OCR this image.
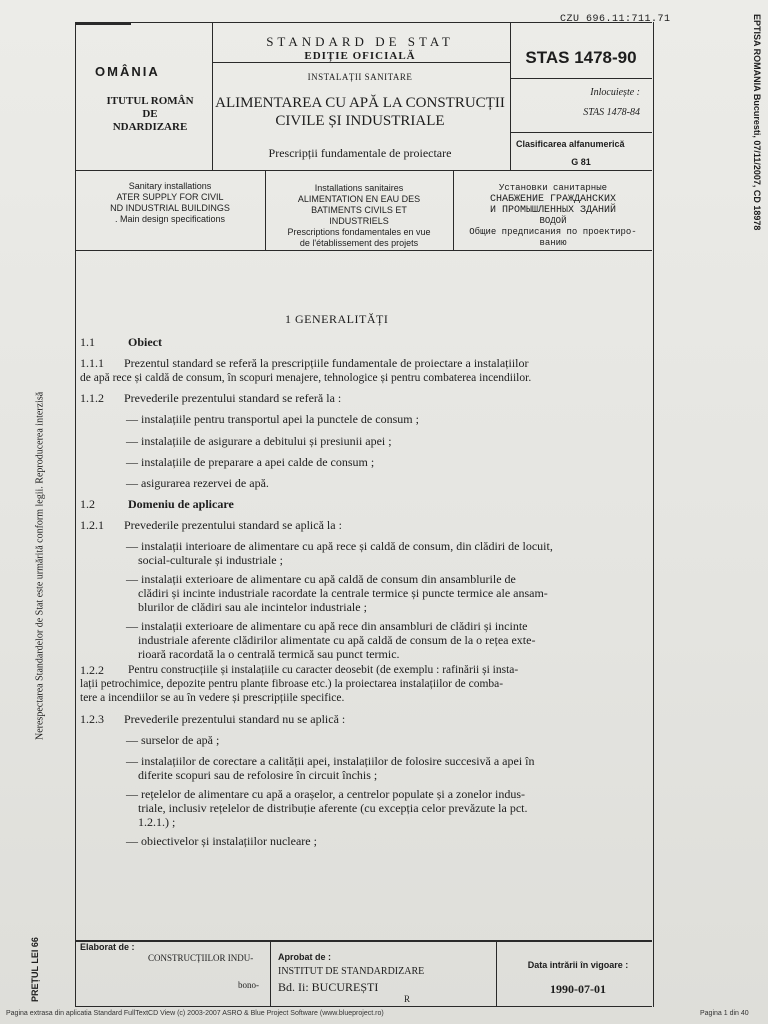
CZU 696.11:711.71
STANDARD DE STAT
EDIȚIE OFICIALĂ	STAS 1478-90
OMÂNIA
ITUTUL ROMÂN
DE
NDARDIZARE
INSTALAȚII SANITARE
ALIMENTAREA CU APĂ LA CONSTRUCȚII
CIVILE ȘI INDUSTRIALE
Prescripții fundamentale de proiectare
Inlocuiește :
STAS 1478-84
Clasificarea alfanumerică
G 81
Sanitary installations
ATER SUPPLY FOR CIVIL
ND INDUSTRIAL BUILDINGS
. Main design specifications
Installations sanitaires
ALIMENTATION EN EAU DES
BATIMENTS CIVILS ET
INDUSTRIELS
Prescriptions fondamentales en vue
de l'établissement des projets
Установки санитарные
СНАБЖЕНИЕ ГРАЖДАНСКИХ
И ПРОМЫШЛЕННЫХ ЗДАНИЙ
ВОДОЙ
Общие предписания по проектиро-
ванию
EPTISA ROMANIA Bucuresti, 07/11/2007, CD 18978
Nerespectarea Standardelor de Stat este urmărită conform legii. Reproducerea interzisă
PREȚUL LEI 66
1 GENERALITĂȚI
1.1	Obiect
1.1.1 Prezentul standard se referă la prescripțiile fundamentale de proiectare a instalațiilor
de apă rece și caldă de consum, în scopuri menajere, tehnologice și pentru combaterea incendiilor.
1.1.2 Prevederile prezentului standard se referă la :
— instalațiile pentru transportul apei la punctele de consum ;
— instalațiile de asigurare a debitului și presiunii apei ;
— instalațiile de preparare a apei calde de consum ;
— asigurarea rezervei de apă.
1.2	Domeniu de aplicare
1.2.1 Prevederile prezentului standard se aplică la :
— instalații interioare de alimentare cu apă rece și caldă de consum, din clădiri de locuit,
social-culturale și industriale ;
— instalații exterioare de alimentare cu apă caldă de consum din ansamblurile de
clădiri și incinte industriale racordate la centrale termice și puncte termice ale ansam-
blurilor de clădiri sau ale incintelor industriale ;
— instalații exterioare de alimentare cu apă rece din ansambluri de clădiri și incinte
industriale aferente clădirilor alimentate cu apă caldă de consum de la o rețea exte-
rioară racordată la o centrală termică sau punct termic.
1.2.2 Pentru construcțiile și instalațiile cu caracter deosebit (de exemplu : rafinării și insta-
lații petrochimice, depozite pentru plante fibroase etc.) la proiectarea instalațiilor de comba-
tere a incendiilor se au în vedere și prescripțiile specifice.
1.2.3 Prevederile prezentului standard nu se aplică :
— surselor de apă ;
— instalațiilor de corectare a calității apei, instalațiilor de folosire succesivă a apei în
diferite scopuri sau de refolosire în circuit închis ;
— rețelelor de alimentare cu apă a orașelor, a centrelor populate și a zonelor indus-
triale, inclusiv rețelelor de distribuție aferente (cu excepția celor prevăzute la pct.
1.2.1.) ;
— obiectivelor și instalațiilor nucleare ;
Elaborat de :
CONSTRUCȚIILOR INDU-
bono-
Aprobat de :
INSTITUT DE STANDARDIZARE
Bd. Ii: BUCUREȘTI
R
Data intrării în vigoare :
1990-07-01
Pagina extrasa din aplicatia Standard FullTextCD View (c) 2003-2007 ASRO & Blue Project Software (www.blueproject.ro)	Pagina 1 din 40
